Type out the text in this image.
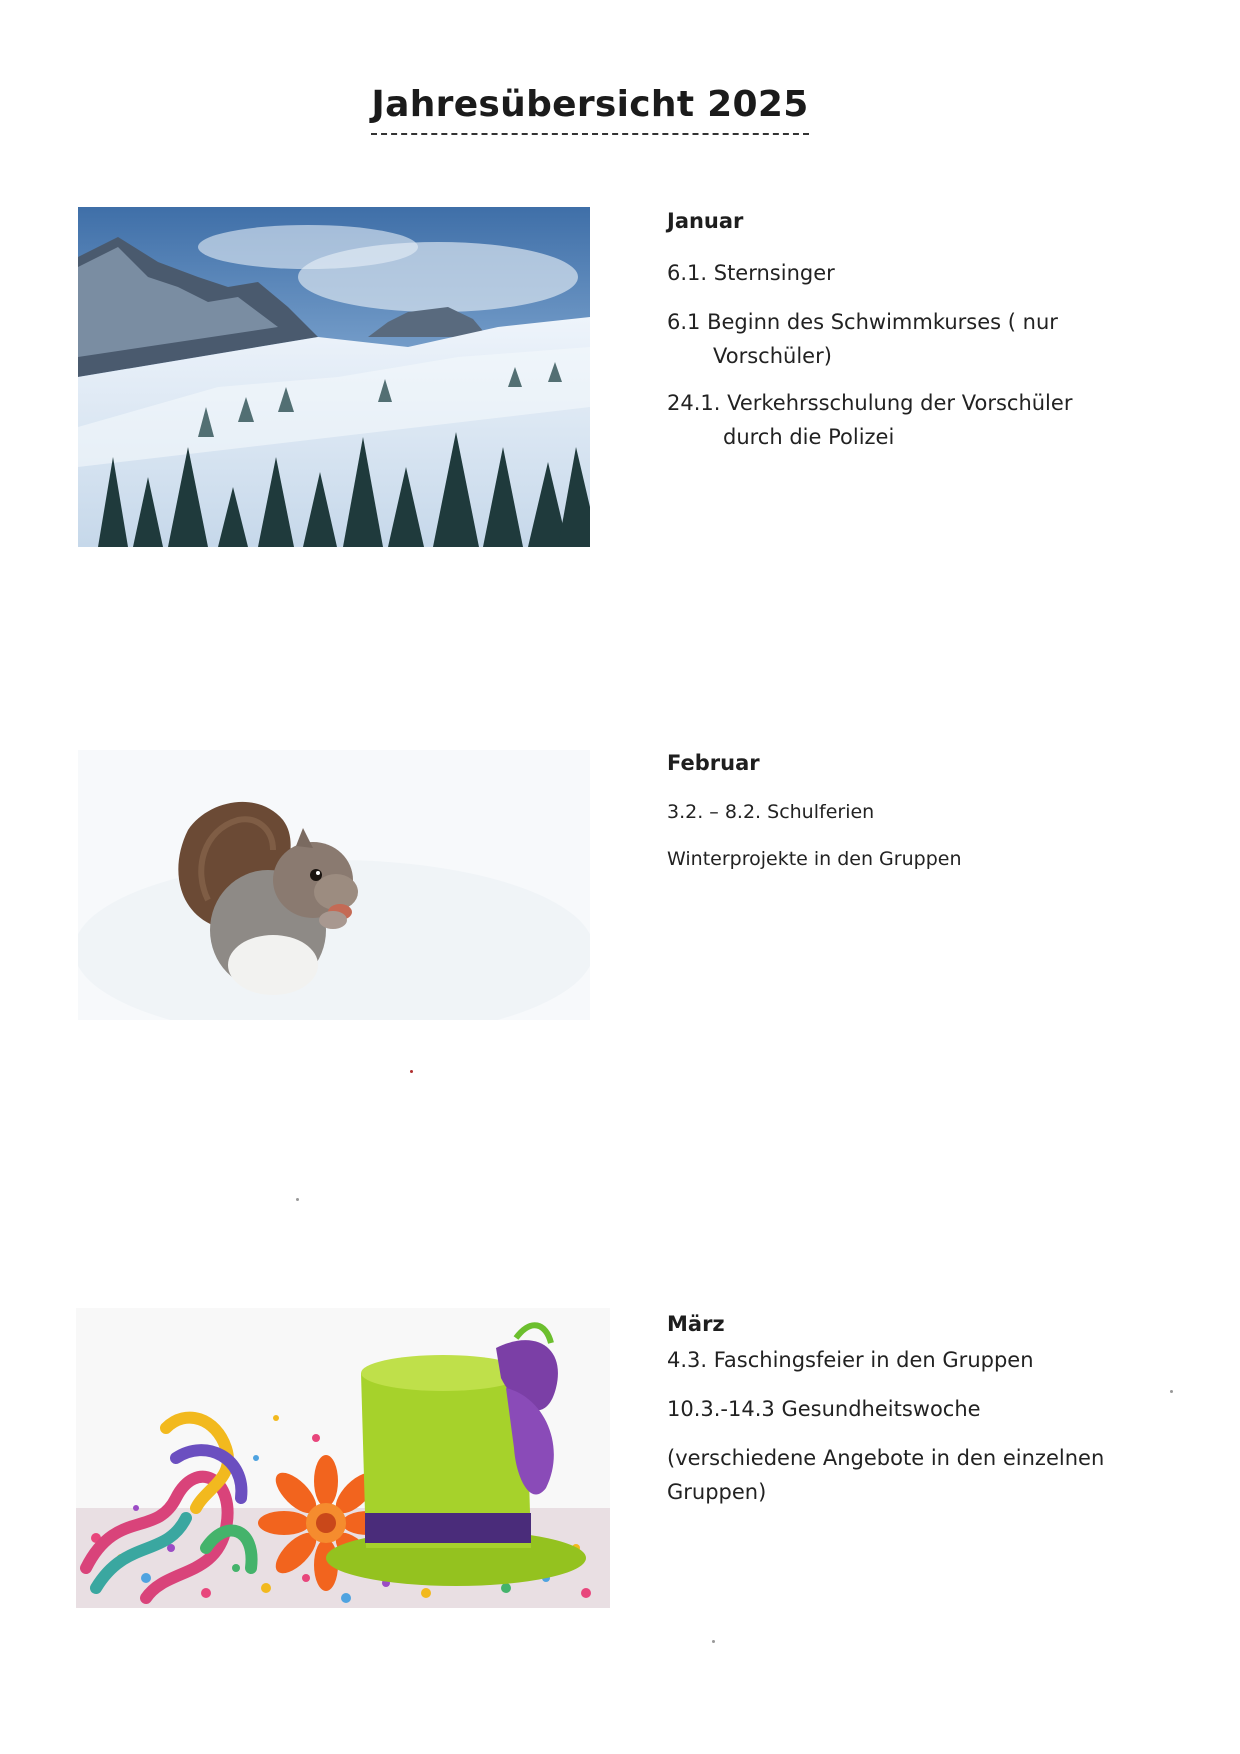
Jahresübersicht 2025
Januar
6.1. Sternsinger
6.1 Beginn des Schwimmkurses ( nur
Vorschüler)
24.1. Verkehrsschulung der Vorschüler
durch die Polizei
Februar
3.2. – 8.2. Schulferien
Winterprojekte in den Gruppen
März
4.3. Faschingsfeier in den Gruppen
10.3.-14.3 Gesundheitswoche
(verschiedene Angebote in den einzelnen
Gruppen)
